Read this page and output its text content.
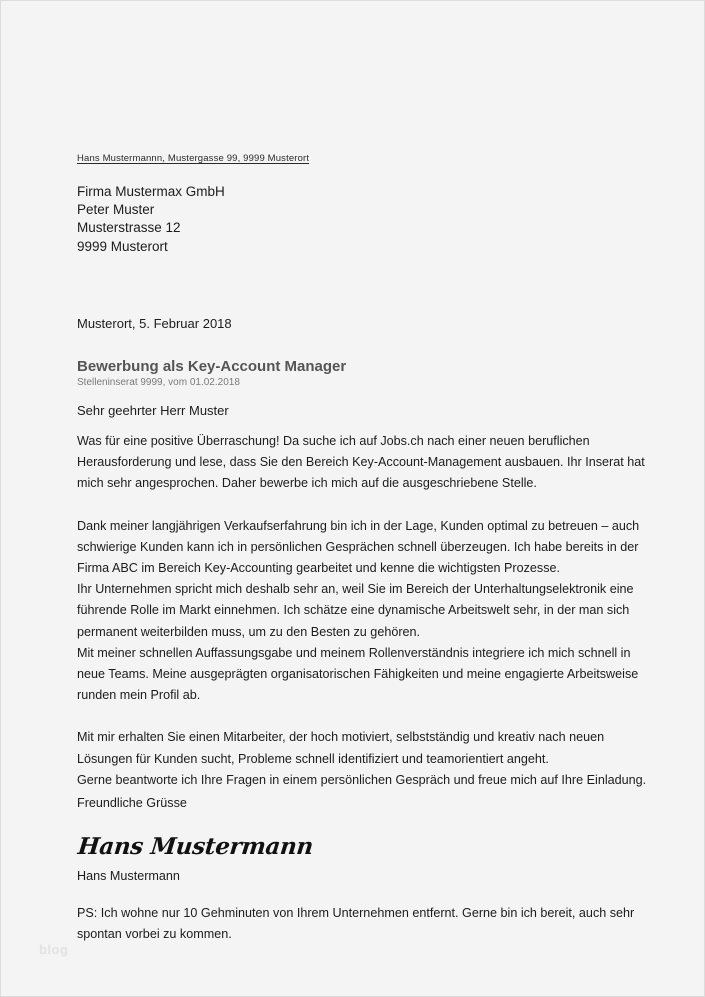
Hans Mustermannn, Mustergasse 99, 9999 Musterort
Firma Mustermax GmbH
Peter Muster
Musterstrasse 12
9999 Musterort
Musterort, 5. Februar 2018
Bewerbung als Key-Account Manager
Stelleninserat 9999, vom 01.02.2018
Sehr geehrter Herr Muster

Was für eine positive Überraschung! Da suche ich auf Jobs.ch nach einer neuen beruflichen Herausforderung und lese, dass Sie den Bereich Key-Account-Management ausbauen. Ihr Inserat hat mich sehr angesprochen. Daher bewerbe ich mich auf die ausgeschriebene Stelle.

Dank meiner langjährigen Verkaufserfahrung bin ich in der Lage, Kunden optimal zu betreuen – auch schwierige Kunden kann ich in persönlichen Gesprächen schnell überzeugen. Ich habe bereits in der Firma ABC im Bereich Key-Accounting gearbeitet und kenne die wichtigsten Prozesse.

Ihr Unternehmen spricht mich deshalb sehr an, weil Sie im Bereich der Unterhaltungselektronik eine führende Rolle im Markt einnehmen. Ich schätze eine dynamische Arbeitswelt sehr, in der man sich permanent weiterbilden muss, um zu den Besten zu gehören.

Mit meiner schnellen Auffassungsgabe und meinem Rollenverständnis integriere ich mich schnell in neue Teams. Meine ausgeprägten organisatorischen Fähigkeiten und meine engagierte Arbeitsweise runden mein Profil ab.

Mit mir erhalten Sie einen Mitarbeiter, der hoch motiviert, selbstständig und kreativ nach neuen Lösungen für Kunden sucht, Probleme schnell identifiziert und teamorientiert angeht.

Gerne beantworte ich Ihre Fragen in einem persönlichen Gespräch und freue mich auf Ihre Einladung.

Freundliche Grüsse
Hans Mustermann
Hans Mustermann
PS: Ich wohne nur 10 Gehminuten von Ihrem Unternehmen entfernt. Gerne bin ich bereit, auch sehr spontan vorbei zu kommen.
blog
